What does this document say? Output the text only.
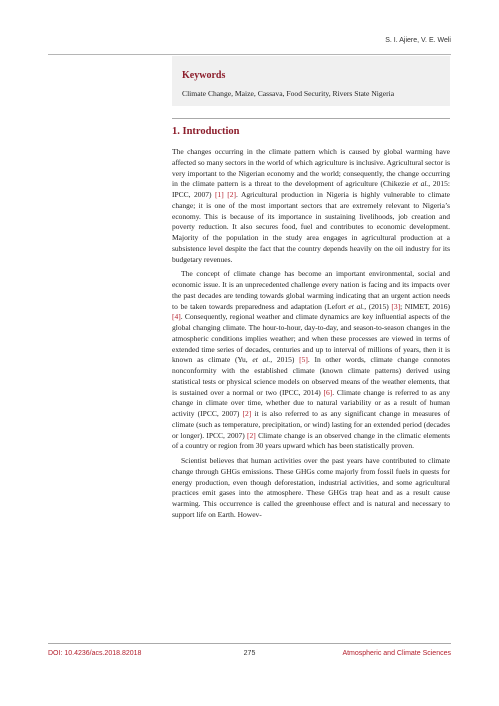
S. I. Ajiere, V. E. Weli
Keywords
Climate Change, Maize, Cassava, Food Security, Rivers State Nigeria
1. Introduction

The changes occurring in the climate pattern which is caused by global warming have affected so many sectors in the world of which agriculture is inclusive. Agricultural sector is very important to the Nigerian economy and the world; consequently, the change occurring in the climate pattern is a threat to the development of agriculture (Chikezie et al., 2015: IPCC, 2007) [1] [2]. Agricultural production in Nigeria is highly vulnerable to climate change; it is one of the most important sectors that are extremely relevant to Nigeria’s economy. This is because of its importance in sustaining livelihoods, job creation and poverty reduction. It also secures food, fuel and contributes to economic development. Majority of the population in the study area engages in agricultural production at a subsistence level despite the fact that the country depends heavily on the oil industry for its budgetary revenues.

The concept of climate change has become an important environmental, social and economic issue. It is an unprecedented challenge every nation is facing and its impacts over the past decades are tending towards global warming indicating that an urgent action needs to be taken towards preparedness and adaptation (Lefort et al., (2015) [3]; NIMET, 2016) [4]. Consequently, regional weather and climate dynamics are key influential aspects of the global changing climate. The hour-to-hour, day-to-day, and season-to-season changes in the atmospheric conditions implies weather; and when these processes are viewed in terms of extended time series of decades, centuries and up to interval of millions of years, then it is known as climate (Yu, et al., 2015) [5]. In other words, climate change connotes nonconformity with the established climate (known climate patterns) derived using statistical tests or physical science models on observed means of the weather elements, that is sustained over a normal or two (IPCC, 2014) [6]. Climate change is referred to as any change in climate over time, whether due to natural variability or as a result of human activity (IPCC, 2007) [2] it is also referred to as any significant change in measures of climate (such as temperature, precipitation, or wind) lasting for an extended period (decades or longer). IPCC, 2007) [2] Climate change is an observed change in the climatic elements of a country or region from 30 years upward which has been statistically proven.

Scientist believes that human activities over the past years have contributed to climate change through GHGs emissions. These GHGs come majorly from fossil fuels in quests for energy production, even though deforestation, industrial activities, and some agricultural practices emit gases into the atmosphere. These GHGs trap heat and as a result cause warming. This occurrence is called the greenhouse effect and is natural and necessary to support life on Earth. Howev-

DOI: 10.4236/acs.2018.82018	275	Atmospheric and Climate Sciences
